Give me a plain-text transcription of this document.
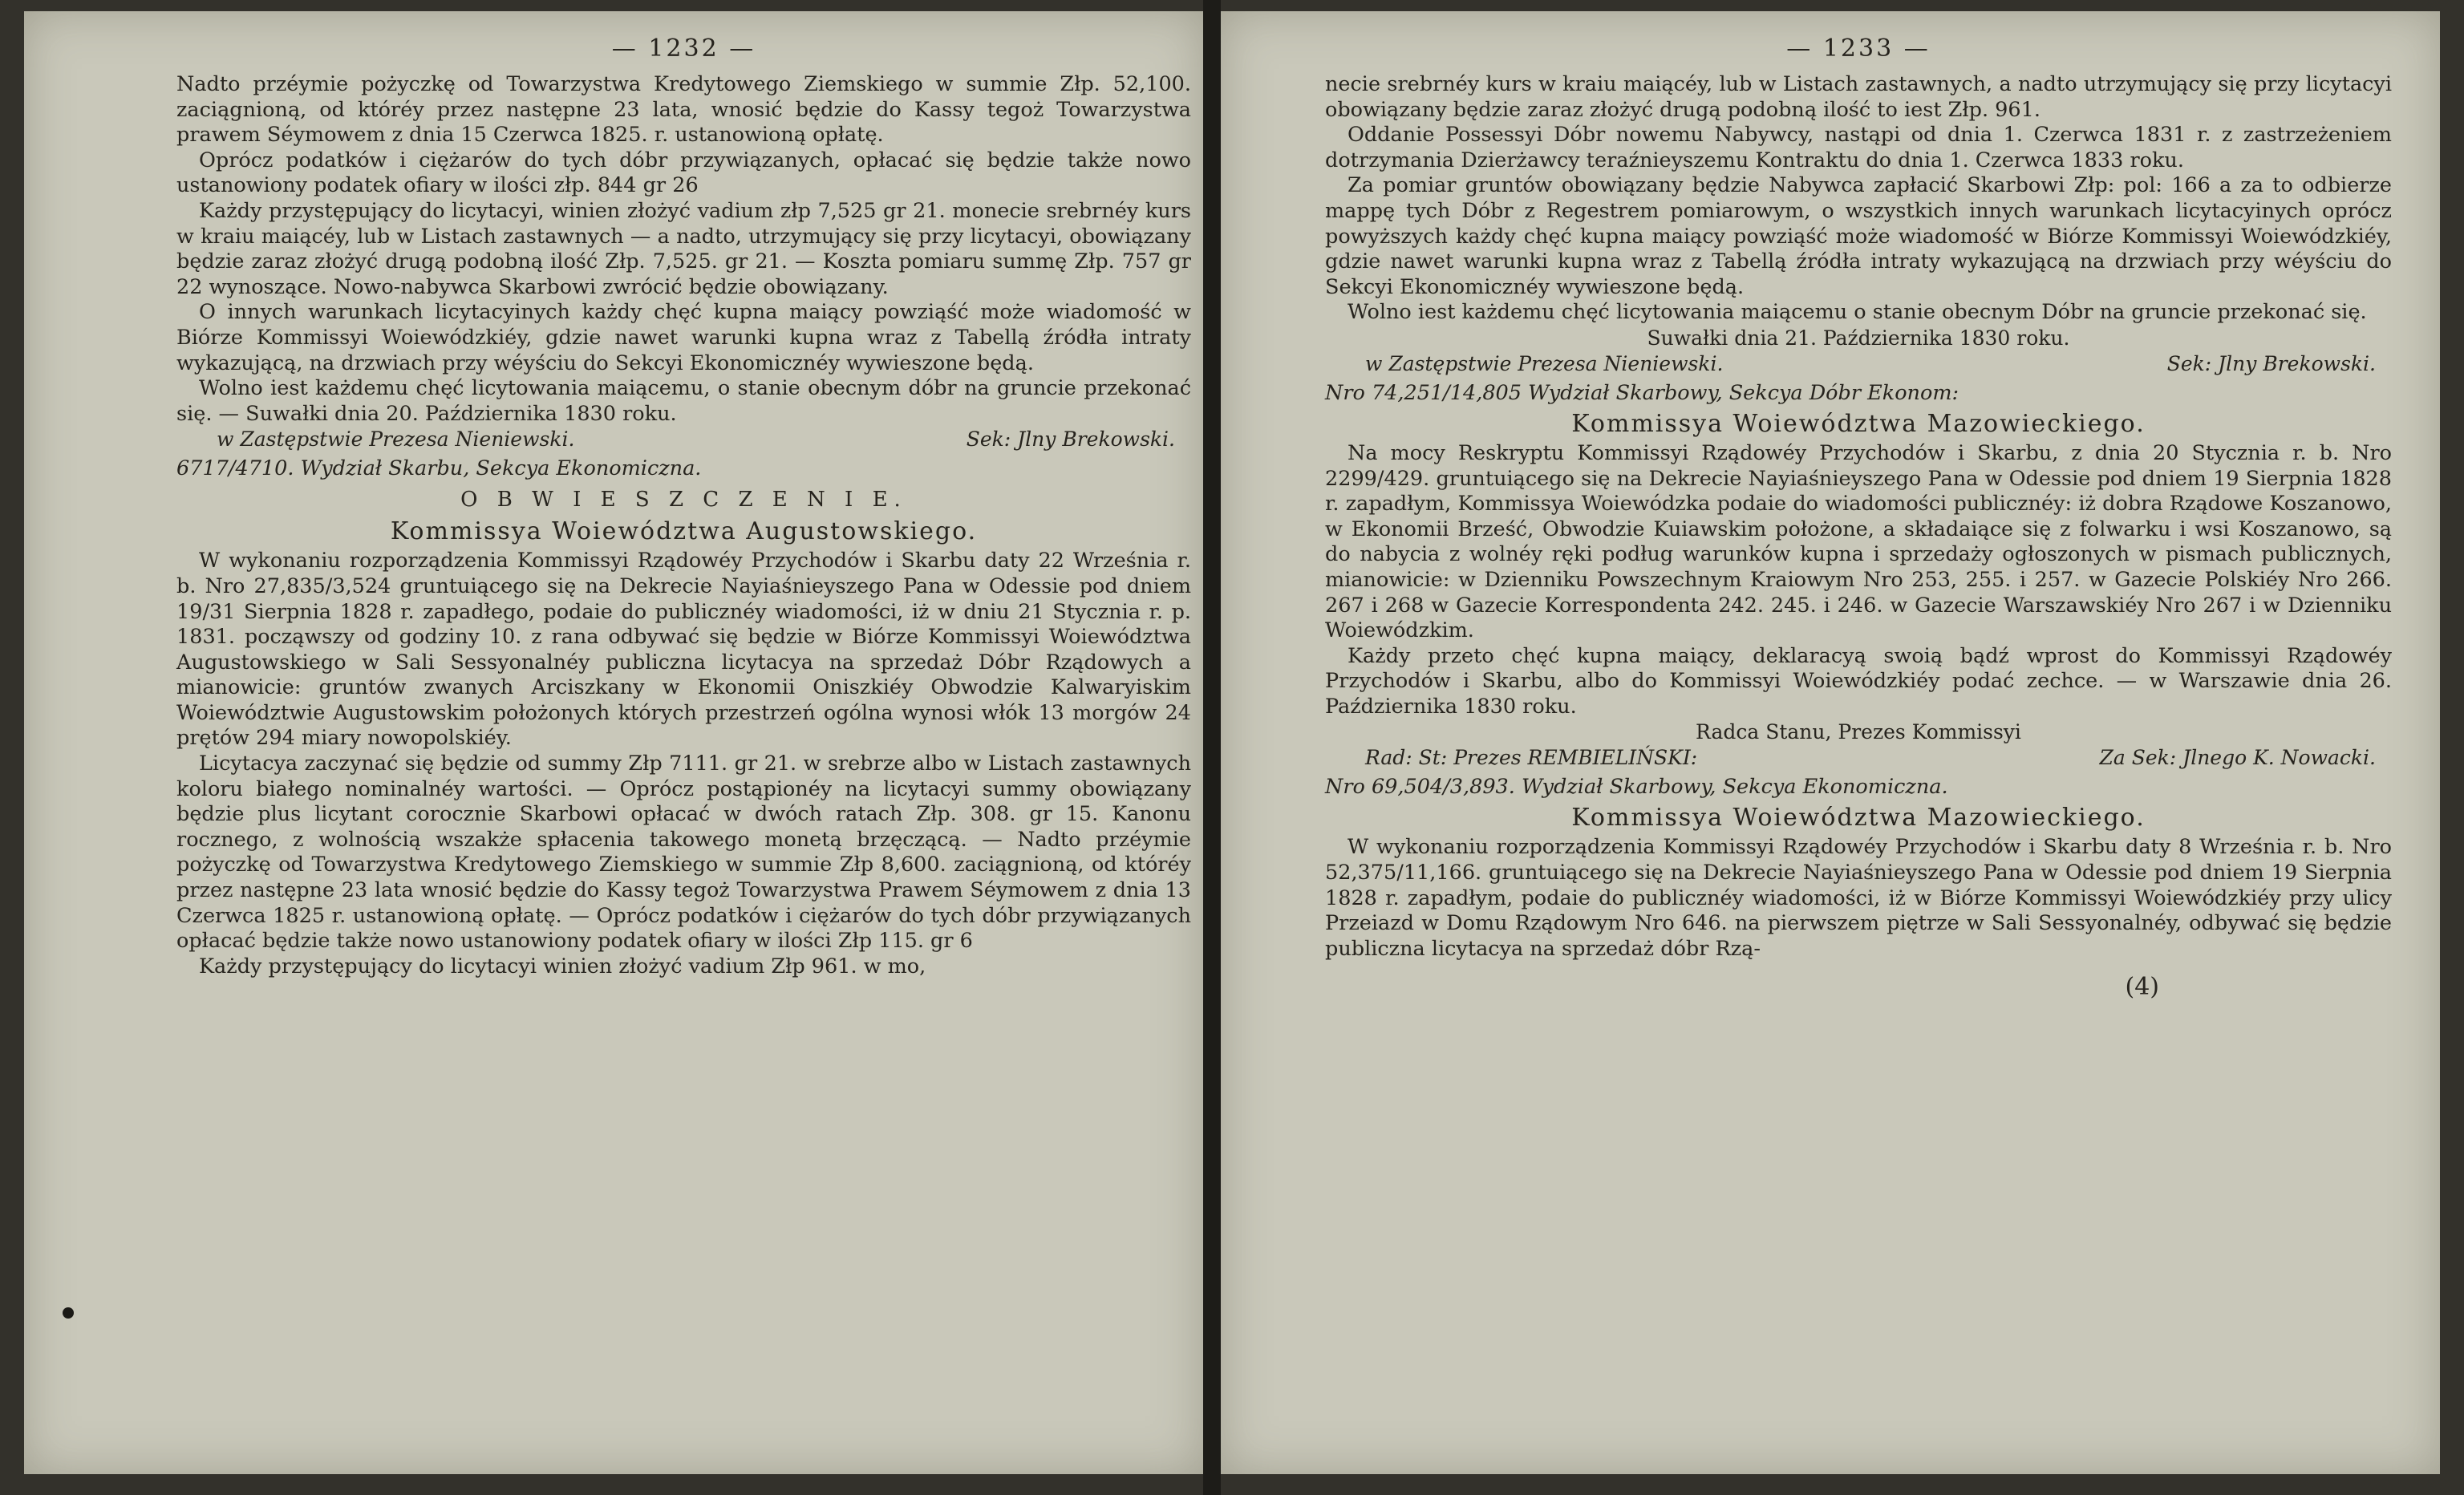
— 1232 —

Nadto przéymie pożyczkę od Towarzystwa Kredytowego Ziemskiego w summie Złp. 52,100. zaciągnioną, od któréy przez następne 23 lata, wnosić będzie do Kassy tegoż Towarzystwa prawem Séymowem z dnia 15 Czerwca 1825. r. ustanowioną opłatę.

Oprócz podatków i ciężarów do tych dóbr przywiązanych, opłacać się będzie także nowo ustanowiony podatek ofiary w ilości złp. 844 gr 26

Każdy przystępujący do licytacyi, winien złożyć vadium złp 7,525 gr 21. monecie srebrnéy kurs w kraiu maiącéy, lub w Listach zastawnych — a nadto, utrzymujący się przy licytacyi, obowiązany będzie zaraz złożyć drugą podobną ilość Złp. 7,525. gr 21. — Koszta pomiaru summę Złp. 757 gr 22 wynoszące. Nowo-nabywca Skarbowi zwrócić będzie obowiązany.

O innych warunkach licytacyinych każdy chęć kupna maiący powziąść może wiadomość w Biórze Kommissyi Woiewódzkiéy, gdzie nawet warunki kupna wraz z Tabellą źródła intraty wykazującą, na drzwiach przy wéyściu do Sekcyi Ekonomicznéy wywieszone będą.

Wolno iest każdemu chęć licytowania maiącemu, o stanie obecnym dóbr na gruncie przekonać się. — Suwałki dnia 20. Października 1830 roku.

w Zastępstwie Prezesa Nieniewski.	Sek: Jlny Brekowski.
6717/4710. Wydział Skarbu, Sekcya Ekonomiczna.
O B W I E S Z C Z E N I E.
Kommissya Woiewództwa Augustowskiego.

W wykonaniu rozporządzenia Kommissyi Rządowéy Przychodów i Skarbu daty 22 Września r. b. Nro 27,835/3,524 gruntuiącego się na Dekrecie Nayiaśnieyszego Pana w Odessie pod dniem 19/31 Sierpnia 1828 r. zapadłego, podaie do publicznéy wiadomości, iż w dniu 21 Stycznia r. p. 1831. począwszy od godziny 10. z rana odbywać się będzie w Biórze Kommissyi Woiewództwa Augustowskiego w Sali Sessyonalnéy publiczna licytacya na sprzedaż Dóbr Rządowych a mianowicie: gruntów zwanych Arciszkany w Ekonomii Oniszkiéy Obwodzie Kalwaryiskim Woiewództwie Augustowskim położonych których przestrzeń ogólna wynosi włók 13 morgów 24 prętów 294 miary nowopolskiéy.

Licytacya zaczynać się będzie od summy Złp 7111. gr 21. w srebrze albo w Listach zastawnych koloru białego nominalnéy wartości. — Oprócz postąpionéy na licytacyi summy obowiązany będzie plus licytant corocznie Skarbowi opłacać w dwóch ratach Złp. 308. gr 15. Kanonu rocznego, z wolnością wszakże spłacenia takowego monetą brzęczącą. — Nadto przéymie pożyczkę od Towarzystwa Kredytowego Ziemskiego w summie Złp 8,600. zaciągnioną, od któréy przez następne 23 lata wnosić będzie do Kassy tegoż Towarzystwa Prawem Séymowem z dnia 13 Czerwca 1825 r. ustanowioną opłatę. — Oprócz podatków i ciężarów do tych dóbr przywiązanych opłacać będzie także nowo ustanowiony podatek ofiary w ilości Złp 115. gr 6

Każdy przystępujący do licytacyi winien złożyć vadium Złp 961. w mo,

— 1233 —

necie srebrnéy kurs w kraiu maiącéy, lub w Listach zastawnych, a nadto utrzymujący się przy licytacyi obowiązany będzie zaraz złożyć drugą podobną ilość to iest Złp. 961.

Oddanie Possessyi Dóbr nowemu Nabywcy, nastąpi od dnia 1. Czerwca 1831 r. z zastrzeżeniem dotrzymania Dzierżawcy teraźnieyszemu Kontraktu do dnia 1. Czerwca 1833 roku.

Za pomiar gruntów obowiązany będzie Nabywca zapłacić Skarbowi Złp: pol: 166 a za to odbierze mappę tych Dóbr z Regestrem pomiarowym, o wszystkich innych warunkach licytacyinych oprócz powyższych każdy chęć kupna maiący powziąść może wiadomość w Biórze Kommissyi Woiewódzkiéy, gdzie nawet warunki kupna wraz z Tabellą źródła intraty wykazującą na drzwiach przy wéyściu do Sekcyi Ekonomicznéy wywieszone będą.

Wolno iest każdemu chęć licytowania maiącemu o stanie obecnym Dóbr na gruncie przekonać się.

Suwałki dnia 21. Października 1830 roku.
w Zastępstwie Prezesa Nieniewski.	Sek: Jlny Brekowski.
Nro 74,251/14,805 Wydział Skarbowy, Sekcya Dóbr Ekonom:
Kommissya Woiewództwa Mazowieckiego.

Na mocy Reskryptu Kommissyi Rządowéy Przychodów i Skarbu, z dnia 20 Stycznia r. b. Nro 2299/429. gruntuiącego się na Dekrecie Nayiaśnieyszego Pana w Odessie pod dniem 19 Sierpnia 1828 r. zapadłym, Kommissya Woiewódzka podaie do wiadomości publicznéy: iż dobra Rządowe Koszanowo, w Ekonomii Brześć, Obwodzie Kuiawskim położone, a składaiące się z folwarku i wsi Koszanowo, są do nabycia z wolnéy ręki podług warunków kupna i sprzedaży ogłoszonych w pismach publicznych, mianowicie: w Dzienniku Powszechnym Kraiowym Nro 253, 255. i 257. w Gazecie Polskiéy Nro 266. 267 i 268 w Gazecie Korrespondenta 242. 245. i 246. w Gazecie Warszawskiéy Nro 267 i w Dzienniku Woiewódzkim.

Każdy przeto chęć kupna maiący, deklaracyą swoią bądź wprost do Kommissyi Rządowéy Przychodów i Skarbu, albo do Kommissyi Woiewódzkiéy podać zechce. — w Warszawie dnia 26. Października 1830 roku.

Radca Stanu, Prezes Kommissyi
Rad: St: Prezes REMBIELIŃSKI:	Za Sek: Jlnego K. Nowacki.
Nro 69,504/3,893. Wydział Skarbowy, Sekcya Ekonomiczna.
Kommissya Woiewództwa Mazowieckiego.

W wykonaniu rozporządzenia Kommissyi Rządowéy Przychodów i Skarbu daty 8 Września r. b. Nro 52,375/11,166. gruntuiącego się na Dekrecie Nayiaśnieyszego Pana w Odessie pod dniem 19 Sierpnia 1828 r. zapadłym, podaie do publicznéy wiadomości, iż w Biórze Kommissyi Woiewódzkiéy przy ulicy Przeiazd w Domu Rządowym Nro 646. na pierwszem piętrze w Sali Sessyonalnéy, odbywać się będzie publiczna licytacya na sprzedaż dóbr Rzą-

(4)
